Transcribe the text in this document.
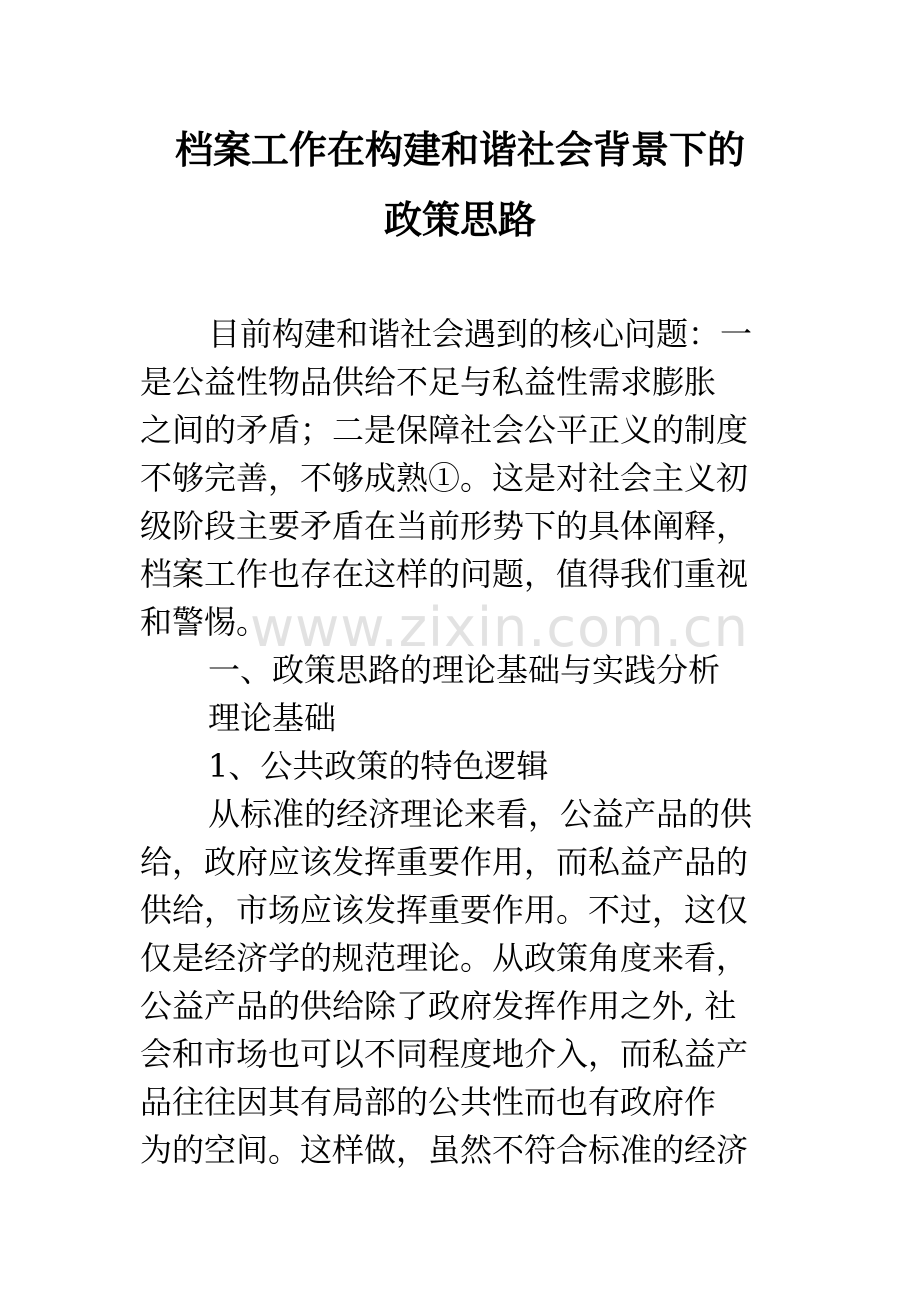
档案工作在构建和谐社会背景下的
政策思路
目前构建和谐社会遇到的核心问题：一
是公益性物品供给不足与私益性需求膨胀
之间的矛盾；二是保障社会公平正义的制度
不够完善，不够成熟①。这是对社会主义初
级阶段主要矛盾在当前形势下的具体阐释，
档案工作也存在这样的问题，值得我们重视
和警惕。
一、政策思路的理论基础与实践分析
理论基础
1、公共政策的特色逻辑
从标准的经济理论来看，公益产品的供
给，政府应该发挥重要作用，而私益产品的
供给，市场应该发挥重要作用。不过，这仅
仅是经济学的规范理论。从政策角度来看，
公益产品的供给除了政府发挥作用之外, 社
会和市场也可以不同程度地介入，而私益产
品往往因其有局部的公共性而也有政府作
为的空间。这样做，虽然不符合标准的经济
www.zixin.com.cn
